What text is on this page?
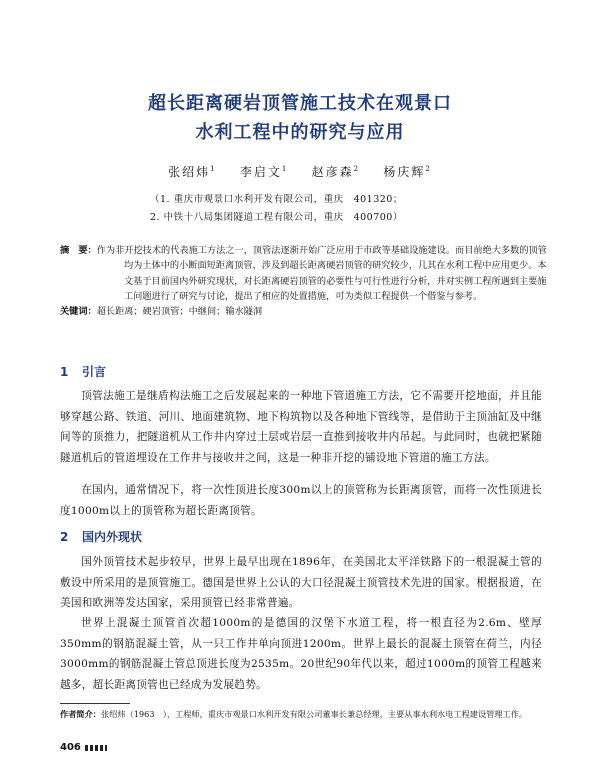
超长距离硬岩顶管施工技术在观景口
水利工程中的研究与应用
张绍炜$^1$ 李启文$^1$ 赵彦森$^2$ 杨庆辉$^2$
（1. 重庆市观景口水利开发有限公司，重庆　401320；
2. 中铁十八局集团隧道工程有限公司，重庆　400700）
摘　要：作为非开挖技术的代表施工方法之一，顶管法逐渐开始广泛应用于市政等基础设施建设。而目前绝大多数的顶管均为土体中的小断面短距离顶管，涉及到超长距离硬岩顶管的研究较少，几其在水利工程中应用更少。本文基于目前国内外研究现状，对长距离硬岩顶管的必要性与可行性进行分析，并对实例工程所遇到主要施工问题进行了研究与讨论，提出了相应的处置措施，可为类似工程提供一个借鉴与参考。
关键词：超长距离；硬岩顶管；中继间；输水隧洞
1 引言
顶管法施工是继盾构法施工之后发展起来的一种地下管道施工方法，它不需要开挖地面，并且能够穿越公路、铁道、河川、地面建筑物、地下构筑物以及各种地下管线等，是借助于主顶油缸及中继间等的顶推力，把隧道机从工作井内穿过土层或岩层一直推到接收井内吊起。与此同时，也就把紧随隧道机后的管道埋设在工作井与接收井之间，这是一种非开挖的铺设地下管道的施工方法。
在国内，通常情况下，将一次性顶进长度300m以上的顶管称为长距离顶管，而将一次性顶进长度1000m以上的顶管称为超长距离顶管。
2 国内外现状
国外顶管技术起步较早，世界上最早出现在1896年，在美国北太平洋铁路下的一根混凝土管的敷设中所采用的是顶管施工。德国是世界上公认的大口径混凝土顶管技术先进的国家。根据报道，在美国和欧洲等发达国家，采用顶管已经非常普遍。
世界上混凝土顶管首次超1000m的是德国的汉堡下水道工程，将一根直径为2.6m、壁厚350mm的钢筋混凝土管，从一只工作井单向顶进1200m。世界上最长的混凝土顶管在荷兰，内径3000mm的钢筋混凝土管总顶进长度为2535m。20世纪90年代以来，超过1000m的顶管工程越来越多，超长距离顶管也已经成为发展趋势。
作者简介：张绍炜（1963　），工程师，重庆市观景口水利开发有限公司董事长兼总经理，主要从事水利水电工程建设管理工作。
406
